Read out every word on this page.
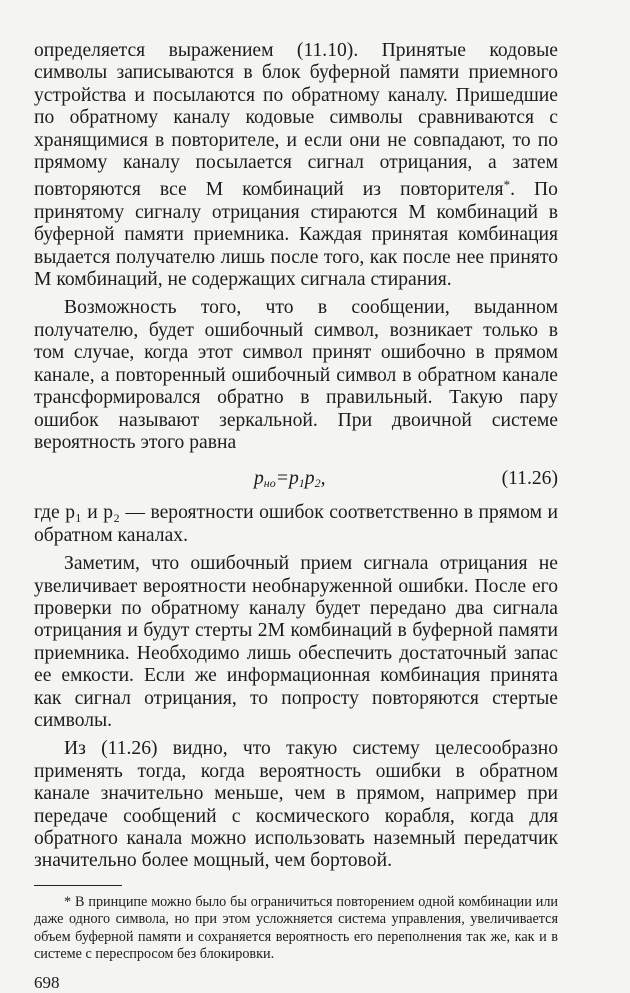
определяется выражением (11.10). Принятые кодовые символы записываются в блок буферной памяти приемного устройства и посылаются по обратному каналу. Пришедшие по обратному каналу кодовые символы сравниваются с хранящимися в повторителе, и если они не совпадают, то по прямому каналу посылается сигнал отрицания, а затем повторяются все M комбинаций из повторителя*. По принятому сигналу отрицания стираются M комбинаций в буферной памяти приемника. Каждая принятая комбинация выдается получателю лишь после того, как после нее принято M комбинаций, не содержащих сигнала стирания.

Возможность того, что в сообщении, выданном получателю, будет ошибочный символ, возникает только в том случае, когда этот символ принят ошибочно в прямом канале, а повторенный ошибочный символ в обратном канале трансформировался обратно в правильный. Такую пару ошибок называют зеркальной. При двоичной системе вероятность этого равна

$p_{но}=p_1p_2$,	(11.26)

где p₁ и p₂ — вероятности ошибок соответственно в прямом и обратном каналах.

Заметим, что ошибочный прием сигнала отрицания не увеличивает вероятности необнаруженной ошибки. После его проверки по обратному каналу будет передано два сигнала отрицания и будут стерты 2M комбинаций в буферной памяти приемника. Необходимо лишь обеспечить достаточный запас ее емкости. Если же информационная комбинация принята как сигнал отрицания, то попросту повторяются стертые символы.

Из (11.26) видно, что такую систему целесообразно применять тогда, когда вероятность ошибки в обратном канале значительно меньше, чем в прямом, например при передаче сообщений с космического корабля, когда для обратного канала можно использовать наземный передатчик значительно более мощный, чем бортовой.

* В принципе можно было бы ограничиться повторением одной комбинации или даже одного символа, но при этом усложняется система управления, увеличивается объем буферной памяти и сохраняется вероятность его переполнения так же, как и в системе с переспросом без блокировки.

698
